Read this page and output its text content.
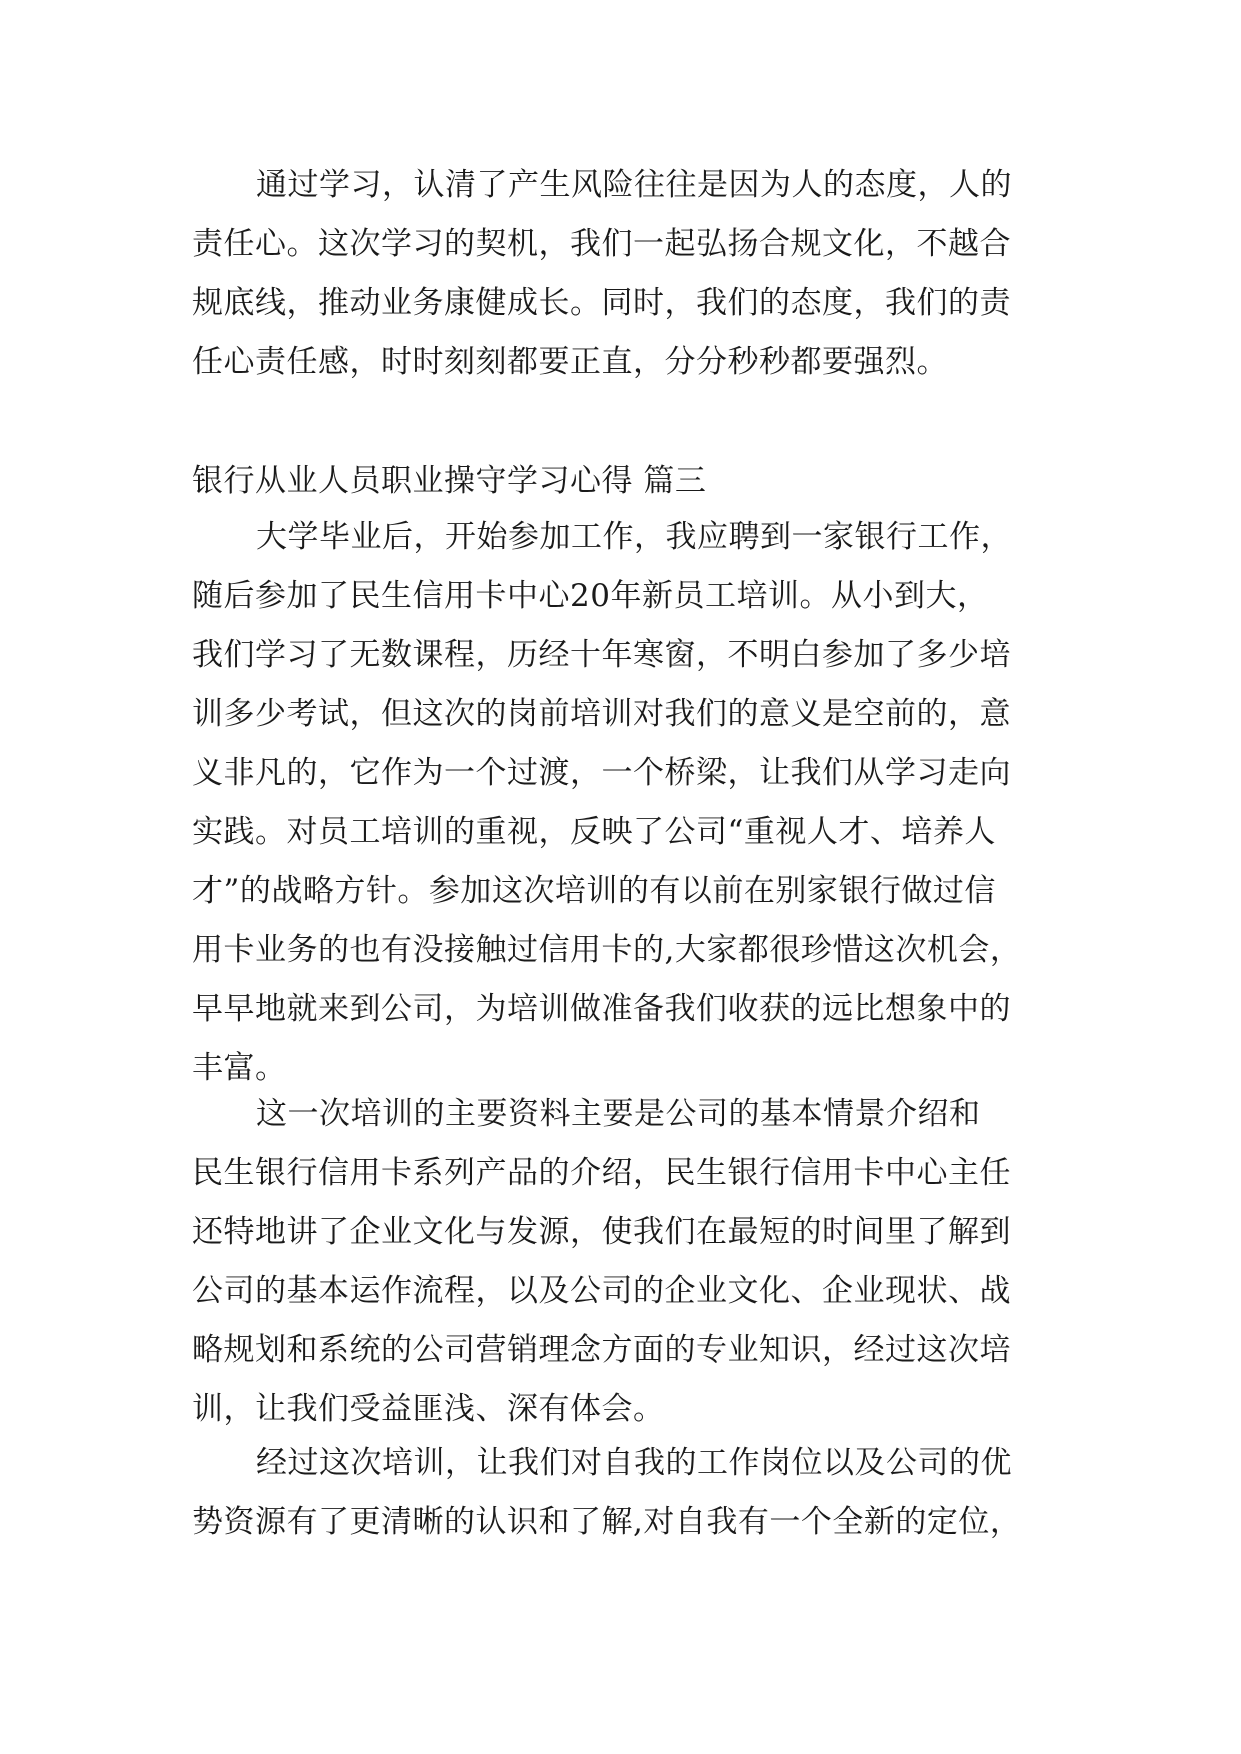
通过学习，认清了产生风险往往是因为人的态度，人的
责任心。这次学习的契机，我们一起弘扬合规文化，不越合
规底线，推动业务康健成长。同时，我们的态度，我们的责
任心责任感，时时刻刻都要正直，分分秒秒都要强烈。
银行从业人员职业操守学习心得 篇三
大学毕业后，开始参加工作，我应聘到一家银行工作，
随后参加了民生信用卡中心20年新员工培训。从小到大，
我们学习了无数课程，历经十年寒窗，不明白参加了多少培
训多少考试，但这次的岗前培训对我们的意义是空前的，意
义非凡的，它作为一个过渡，一个桥梁，让我们从学习走向
实践。对员工培训的重视，反映了公司“重视人才、培养人
才”的战略方针。参加这次培训的有以前在别家银行做过信
用卡业务的也有没接触过信用卡的,大家都很珍惜这次机会，
早早地就来到公司，为培训做准备我们收获的远比想象中的
丰富。
这一次培训的主要资料主要是公司的基本情景介绍和
民生银行信用卡系列产品的介绍，民生银行信用卡中心主任
还特地讲了企业文化与发源，使我们在最短的时间里了解到
公司的基本运作流程，以及公司的企业文化、企业现状、战
略规划和系统的公司营销理念方面的专业知识，经过这次培
训，让我们受益匪浅、深有体会。
经过这次培训，让我们对自我的工作岗位以及公司的优
势资源有了更清晰的认识和了解,对自我有一个全新的定位，
